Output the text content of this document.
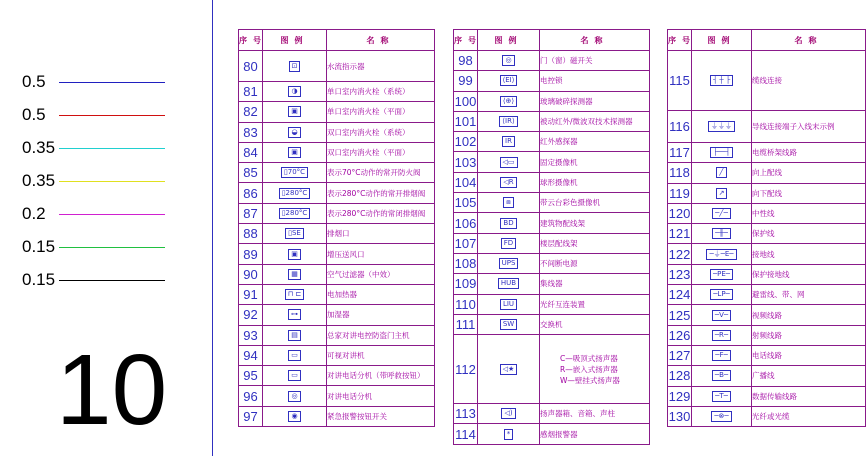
0.5
0.5
0.35
0.35
0.2
0.15
0.15
10
序号	图例	名称
80	⊡	水流指示器
81	◑	单口室内消火栓（系统）
82	▣	单口室内消火栓（平面）
83	◒	双口室内消火栓（系统）
84	▣	双口室内消火栓（平面）
85	▯70°C	表示70°C动作的常开防火阀
86	▯280°C	表示280°C动作的常开排烟阀
87	▯280°C	表示280°C动作的常闭排烟阀
88	▯SE	排烟口
89	▣	增压送风口
90	▦	空气过滤器（中效）
91	⊓ ⊏	电加热器
92	⊶	加湿器
93	▤	总家对讲电控防盗门主机
94	▭	可视对讲机
95	▭	对讲电话分机（带呼救按钮）
96	◎	对讲电话分机
97	◉	紧急报警按钮开关
序号	图例	名称
98	◎	门（窗）磁开关
99	⟨EI⟩	电控锁
100	⟨⊕⟩	玻璃破碎探测器
101	⟨IR⟩	被动红外/微波双技术探测器
102	IR	红外感探器
103	◁▭	固定摄像机
104	◁R	球形摄像机
105	⧈	带云台彩色摄像机
106	BD	建筑物配线架
107	FD	楼层配线架
108	UPS	不间断电源
109	HUB	集线器
110	LIU	光纤互连装置
111	SW	交换机
112	◁★	C—吸顶式扬声器
R—嵌入式扬声器
W—壁挂式扬声器

113	◁)	扬声器箱、音箱、声柱
114	*	感烟报警器
序号	图例	名称
115	┤ ┼ ├	缆线连接
116	⏚⏚⏚	导线连接端子入线末示例
117	├──┤	电缆桥架线路
118	╱	向上配线
119	↗	向下配线
120	─╱─	中性线
121	─╫─	保护线
122	─⏚─E─	接地线
123	─PE─	保护接地线
124	─LP─	避雷线、带、网
125	─V─	视频线路
126	─R─	射频线路
127	─F─	电话线路
128	─B─	广播线
129	─T─	数据传输线路
130	─⊗─	光纤或光缆
